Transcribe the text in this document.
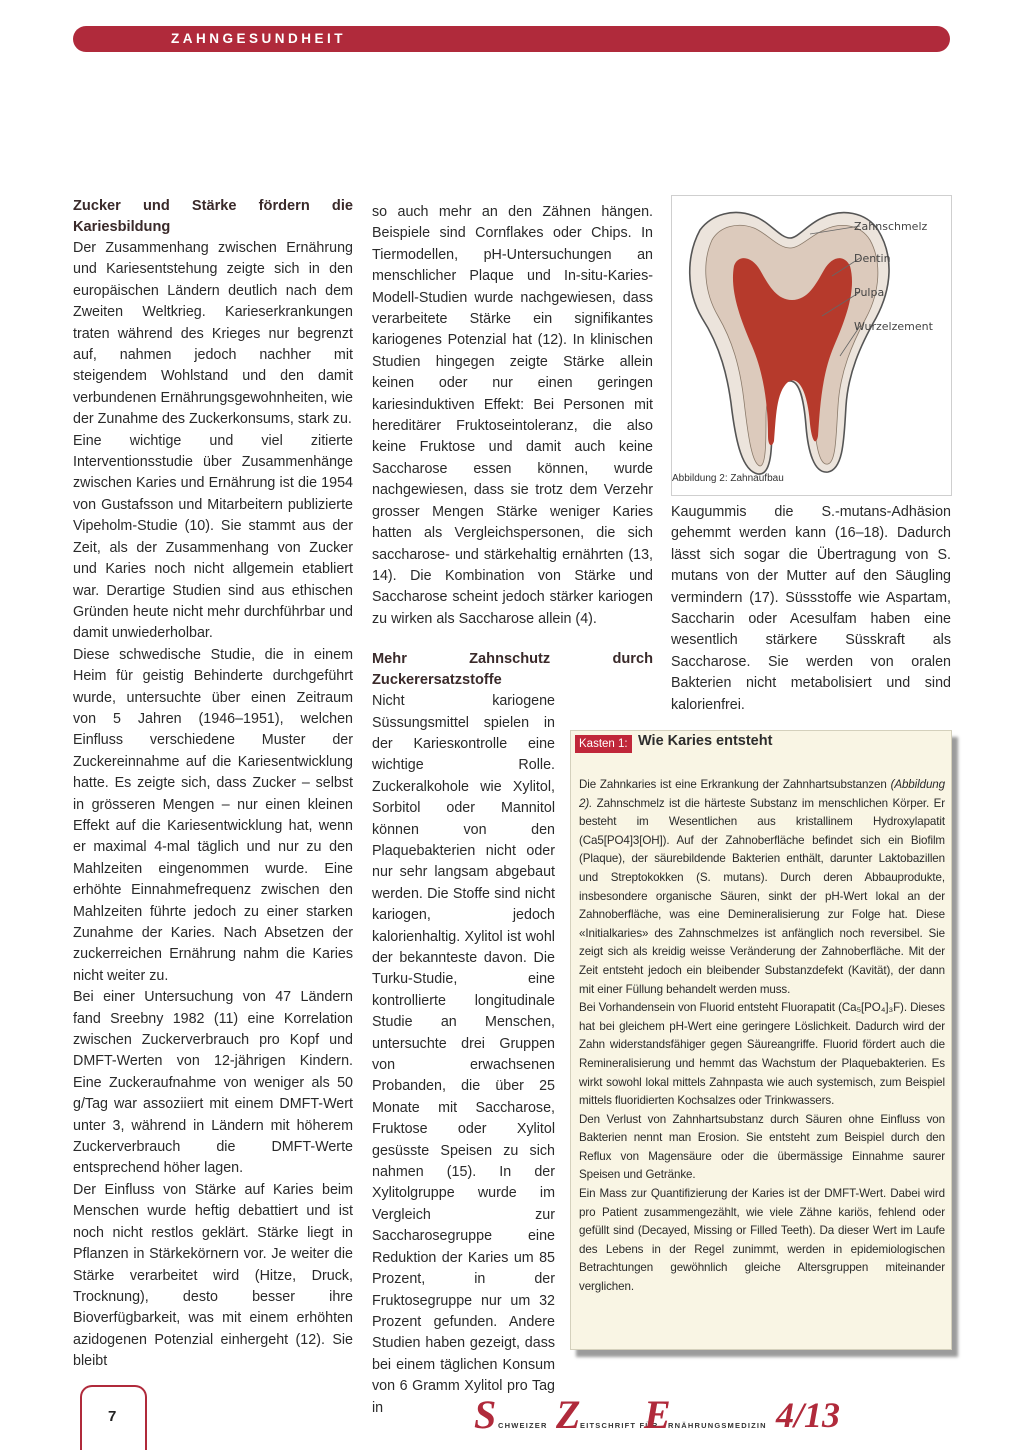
ZAHNGESUNDHEIT
Zucker und Stärke fördern die Kariesbildung

Der Zusammenhang zwischen Ernährung und Kariesentstehung zeigte sich in den europäischen Ländern deutlich nach dem Zweiten Weltkrieg. Karieserkrankungen traten während des Krieges nur begrenzt auf, nahmen jedoch nachher mit steigendem Wohlstand und den damit verbundenen Ernährungsgewohnheiten, wie der Zunahme des Zuckerkonsums, stark zu.

Eine wichtige und viel zitierte Interventionsstudie über Zusammenhänge zwischen Karies und Ernährung ist die 1954 von Gustafsson und Mitarbeitern publizierte Vipeholm-Studie (10). Sie stammt aus der Zeit, als der Zusammenhang von Zucker und Karies noch nicht allgemein etabliert war. Derartige Studien sind aus ethischen Gründen heute nicht mehr durchführbar und damit unwiederholbar.

Diese schwedische Studie, die in einem Heim für geistig Behinderte durchgeführt wurde, untersuchte über einen Zeitraum von 5 Jahren (1946–1951), welchen Einfluss verschiedene Muster der Zuckereinnahme auf die Kariesentwicklung hatte. Es zeigte sich, dass Zucker – selbst in grösseren Mengen – nur einen kleinen Effekt auf die Kariesentwicklung hat, wenn er maximal 4-mal täglich und nur zu den Mahlzeiten eingenommen wurde. Eine erhöhte Einnahmefrequenz zwischen den Mahlzeiten führte jedoch zu einer starken Zunahme der Karies. Nach Absetzen der zuckerreichen Ernährung nahm die Karies nicht weiter zu.

Bei einer Untersuchung von 47 Ländern fand Sreebny 1982 (11) eine Korrelation zwischen Zuckerverbrauch pro Kopf und DMFT-Werten von 12-jährigen Kindern. Eine Zuckeraufnahme von weniger als 50 g/Tag war assoziiert mit einem DMFT-Wert unter 3, während in Ländern mit höherem Zuckerverbrauch die DMFT-Werte entsprechend höher lagen.

Der Einfluss von Stärke auf Karies beim Menschen wurde heftig debattiert und ist noch nicht restlos geklärt. Stärke liegt in Pflanzen in Stärkekörnern vor. Je weiter die Stärke verarbeitet wird (Hitze, Druck, Trocknung), desto besser ihre Bioverfügbarkeit, was mit einem erhöhten azidogenen Potenzial einhergeht (12). Sie bleibt

so auch mehr an den Zähnen hängen. Beispiele sind Cornflakes oder Chips. In Tiermodellen, pH-Untersuchungen an menschlicher Plaque und In-situ-Karies-Modell-Studien wurde nachgewiesen, dass verarbeitete Stärke ein signifikantes kariogenes Potenzial hat (12). In klinischen Studien hingegen zeigte Stärke allein keinen oder nur einen geringen kariesinduktiven Effekt: Bei Personen mit hereditärer Fruktoseintoleranz, die also keine Fruktose und damit auch keine Saccharose essen können, wurde nachgewiesen, dass sie trotz dem Verzehr grosser Mengen Stärke weniger Karies hatten als Vergleichspersonen, die sich saccharose- und stärkehaltig ernährten (13, 14). Die Kombination von Stärke und Saccharose scheint jedoch stärker kariogen zu wirken als Saccharose allein (4).

Mehr Zahnschutz durch Zuckerersatzstoffe

Nicht kariogene Süssungsmittel spielen in der Kariesкontrolle eine wichtige Rolle. Zuckeralkohole wie Xylitol, Sorbitol oder Mannitol können von den Plaquebakterien nicht oder nur sehr langsam abgebaut werden. Die Stoffe sind nicht kariogen, jedoch kalorienhaltig. Xylitol ist wohl der bekannteste davon. Die Turku-Studie, eine kontrollierte longitudinale Studie an Menschen, untersuchte drei Gruppen von erwachsenen Probanden, die über 25 Monate mit Saccharose, Fruktose oder Xylitol gesüsste Speisen zu sich nahmen (15). In der Xylitolgruppe wurde im Vergleich zur Saccharosegruppe eine Reduktion der Karies um 85 Prozent, in der Fruktosegruppe nur um 32 Prozent gefunden. Andere Studien haben gezeigt, dass bei einem täglichen Konsum von 6 Gramm Xylitol pro Tag in

Zahnschmelz
Dentin
Pulpa
Wurzelzement
Abbildung 2: Zahnaufbau

Kaugummis die S.-mutans-Adhäsion gehemmt werden kann (16–18). Dadurch lässt sich sogar die Übertragung von S. mutans von der Mutter auf den Säugling vermindern (17). Süssstoffe wie Aspartam, Saccharin oder Acesulfam haben eine wesentlich stärkere Süsskraft als Saccharose. Sie werden von oralen Bakterien nicht metabolisiert und sind kalorienfrei.

Kasten 1: Wie Karies entsteht

Die Zahnkaries ist eine Erkrankung der Zahnhartsubstanzen (Abbildung 2). Zahnschmelz ist die härteste Substanz im menschlichen Körper. Er besteht im Wesentlichen aus kristallinem Hydroxylapatit (Ca5[PO4]3[OH]). Auf der Zahnoberfläche befindet sich ein Biofilm (Plaque), der säurebildende Bakterien enthält, darunter Laktobazillen und Streptokokken (S. mutans). Durch deren Abbauprodukte, insbesondere organische Säuren, sinkt der pH-Wert lokal an der Zahnoberfläche, was eine Demineralisierung zur Folge hat. Diese «Initialkaries» des Zahnschmelzes ist anfänglich noch reversibel. Sie zeigt sich als kreidig weisse Veränderung der Zahnoberfläche. Mit der Zeit entsteht jedoch ein bleibender Substanzdefekt (Kavität), der dann mit einer Füllung behandelt werden muss.

Bei Vorhandensein von Fluorid entsteht Fluorapatit (Ca₅[PO₄]₃F). Dieses hat bei gleichem pH-Wert eine geringere Löslichkeit. Dadurch wird der Zahn widerstandsfähiger gegen Säureangriffe. Fluorid fördert auch die Remineralisierung und hemmt das Wachstum der Plaquebakterien. Es wirkt sowohl lokal mittels Zahnpasta wie auch systemisch, zum Beispiel mittels fluoridierten Kochsalzes oder Trinkwassers.

Den Verlust von Zahnhartsubstanz durch Säuren ohne Einfluss von Bakterien nennt man Erosion. Sie entsteht zum Beispiel durch den Reflux von Magensäure oder die übermässige Einnahme saurer Speisen und Getränke.

Ein Mass zur Quantifizierung der Karies ist der DMFT-Wert. Dabei wird pro Patient zusammengezählt, wie viele Zähne kariös, fehlend oder gefüllt sind (Decayed, Missing or Filled Teeth). Da dieser Wert im Laufe des Lebens in der Regel zunimmt, werden in epidemiologischen Betrachtungen gewöhnlich gleiche Altersgruppen miteinander verglichen.

7	S CHWEIZER Z EITSCHRIFT FÜR
E
RNÄHRUNGSMEDIZIN 4/13
